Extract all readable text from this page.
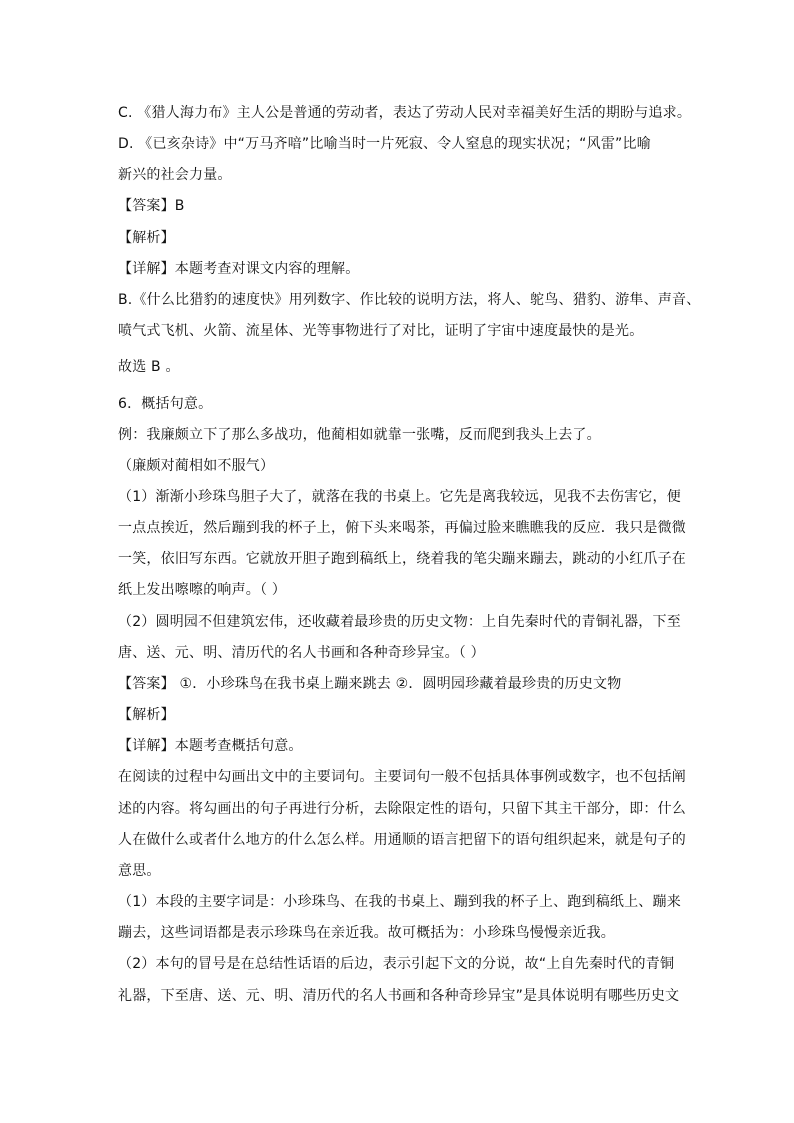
C. 《猎人海力布》主人公是普通的劳动者，表达了劳动人民对幸福美好生活的期盼与追求。
D. 《已亥杂诗》中“万马齐喑”比喻当时一片死寂、令人窒息的现实状况；“风雷”比喻
新兴的社会力量。
【答案】B
【解析】
【详解】本题考查对课文内容的理解。
B.《什么比猎豹的速度快》用列数字、作比较的说明方法，将人、鸵鸟、猎豹、游隼、声音、
喷气式飞机、火箭、流星体、光等事物进行了对比，证明了宇宙中速度最快的是光。
故选 B 。
6．概括句意。
例：我廉颇立下了那么多战功，他蔺相如就靠一张嘴，反而爬到我头上去了。
（廉颇对蔺相如不服气）
（1）渐渐小珍珠鸟胆子大了，就落在我的书桌上。它先是离我较远，见我不去伤害它，便
一点点挨近，然后蹦到我的杯子上，俯下头来喝茶，再偏过脸来瞧瞧我的反应．我只是微微
一笑，依旧写东西。它就放开胆子跑到稿纸上，绕着我的笔尖蹦来蹦去，跳动的小红爪子在
纸上发出嚓嚓的响声。（ ）
（2）圆明园不但建筑宏伟，还收藏着最珍贵的历史文物：上自先秦时代的青铜礼器，下至
唐、送、元、明、清历代的名人书画和各种奇珍异宝。（ ）
【答案】 ①．小珍珠鸟在我书桌上蹦来跳去 ②．圆明园珍藏着最珍贵的历史文物
【解析】
【详解】本题考查概括句意。
在阅读的过程中勾画出文中的主要词句。主要词句一般不包括具体事例或数字，也不包括阐
述的内容。将勾画出的句子再进行分析，去除限定性的语句，只留下其主干部分，即：什么
人在做什么或者什么地方的什么怎么样。用通顺的语言把留下的语句组织起来，就是句子的
意思。
（1）本段的主要字词是：小珍珠鸟、在我的书桌上、蹦到我的杯子上、跑到稿纸上、蹦来
蹦去，这些词语都是表示珍珠鸟在亲近我。故可概括为：小珍珠鸟慢慢亲近我。
（2）本句的冒号是在总结性话语的后边，表示引起下文的分说，故“上自先秦时代的青铜
礼器，下至唐、送、元、明、清历代的名人书画和各种奇珍异宝”是具体说明有哪些历史文
